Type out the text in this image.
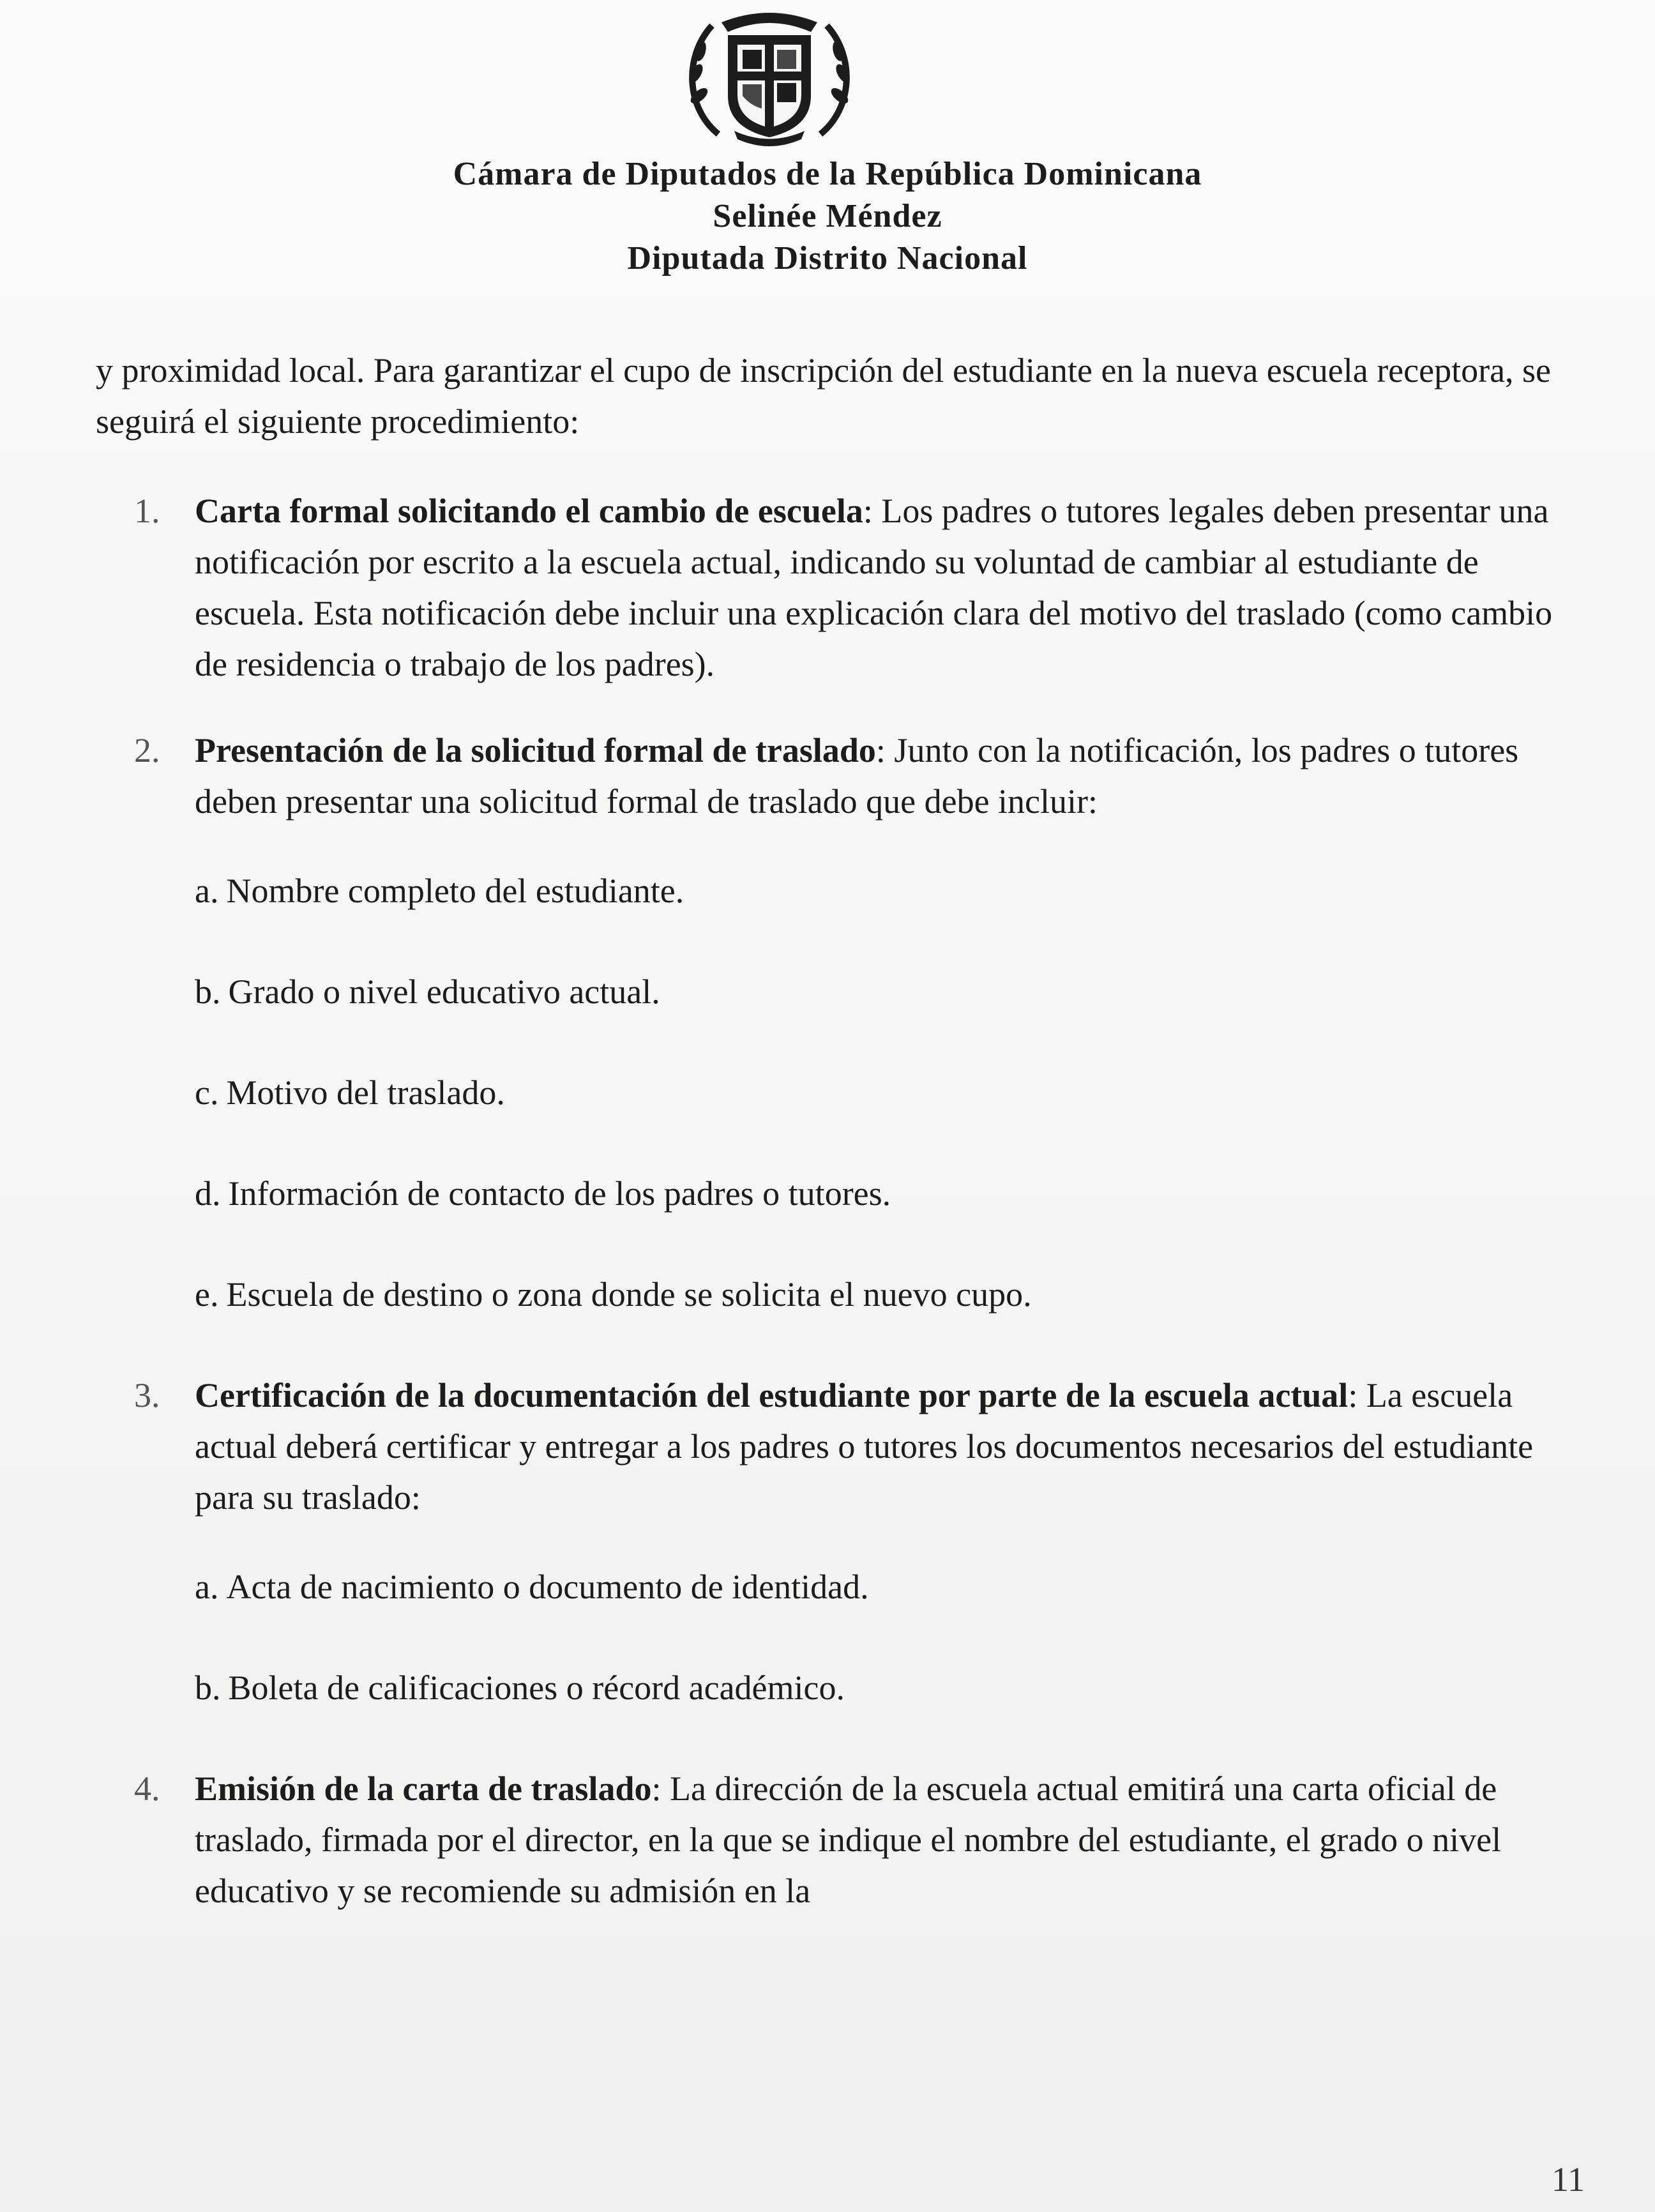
Cámara de Diputados de la República Dominicana
Selinée Méndez
Diputada Distrito Nacional

y proximidad local. Para garantizar el cupo de inscripción del estudiante en la nueva escuela receptora, se seguirá el siguiente procedimiento:

1.	Carta formal solicitando el cambio de escuela: Los padres o tutores legales deben presentar una notificación por escrito a la escuela actual, indicando su voluntad de cambiar al estudiante de escuela. Esta notificación debe incluir una explicación clara del motivo del traslado (como cambio de residencia o trabajo de los padres).
2.	Presentación de la solicitud formal de traslado: Junto con la notificación, los padres o tutores deben presentar una solicitud formal de traslado que debe incluir:
a. Nombre completo del estudiante.
b. Grado o nivel educativo actual.
c. Motivo del traslado.
d. Información de contacto de los padres o tutores.
e. Escuela de destino o zona donde se solicita el nuevo cupo.
3.	Certificación de la documentación del estudiante por parte de la escuela actual: La escuela actual deberá certificar y entregar a los padres o tutores los documentos necesarios del estudiante para su traslado:
a. Acta de nacimiento o documento de identidad.
b. Boleta de calificaciones o récord académico.
4.	Emisión de la carta de traslado: La dirección de la escuela actual emitirá una carta oficial de traslado, firmada por el director, en la que se indique el nombre del estudiante, el grado o nivel educativo y se recomiende su admisión en la
11
